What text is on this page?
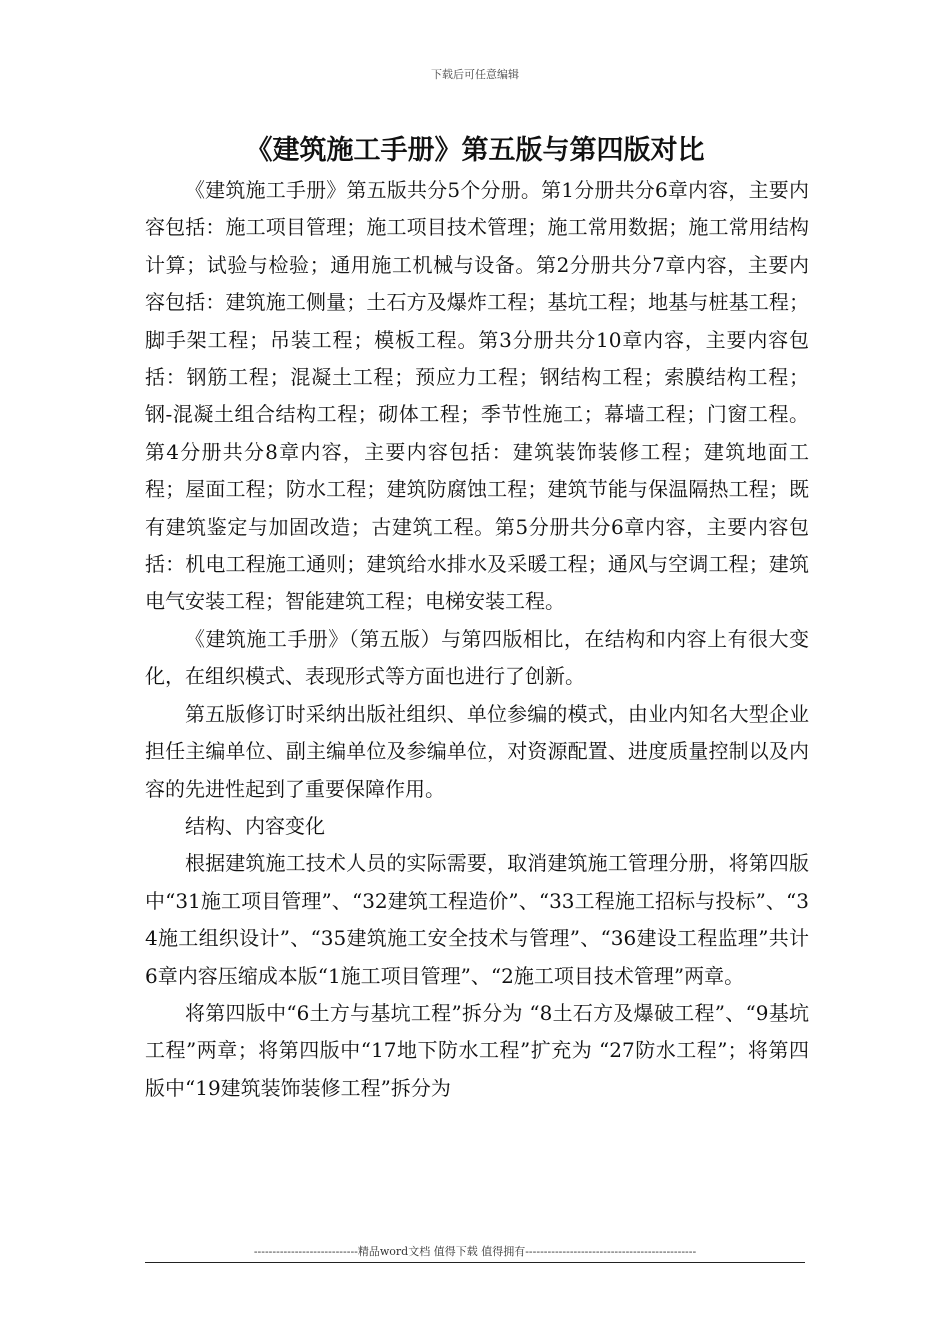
下载后可任意编辑
《建筑施工手册》第五版与第四版对比

《建筑施工手册》第五版共分5个分册。第1分册共分6章内容，主要内容包括：施工项目管理；施工项目技术管理；施工常用数据；施工常用结构计算；试验与检验；通用施工机械与设备。第2分册共分7章内容，主要内容包括：建筑施工侧量；土石方及爆炸工程；基坑工程；地基与桩基工程；脚手架工程；吊装工程；模板工程。第3分册共分10章内容，主要内容包括：钢筋工程；混凝土工程；预应力工程；钢结构工程；索膜结构工程；钢-混凝土组合结构工程；砌体工程；季节性施工；幕墙工程；门窗工程。第4分册共分8章内容，主要内容包括：建筑装饰装修工程；建筑地面工程；屋面工程；防水工程；建筑防腐蚀工程；建筑节能与保温隔热工程；既有建筑鉴定与加固改造；古建筑工程。第5分册共分6章内容，主要内容包括：机电工程施工通则；建筑给水排水及采暖工程；通风与空调工程；建筑电气安装工程；智能建筑工程；电梯安装工程。

《建筑施工手册》（第五版）与第四版相比，在结构和内容上有很大变化，在组织模式、表现形式等方面也进行了创新。

第五版修订时采纳出版社组织、单位参编的模式，由业内知名大型企业担任主编单位、副主编单位及参编单位，对资源配置、进度质量控制以及内容的先进性起到了重要保障作用。

结构、内容变化

根据建筑施工技术人员的实际需要，取消建筑施工管理分册，将第四版中“31施工项目管理”、“32建筑工程造价”、“33工程施工招标与投标”、“34施工组织设计”、“35建筑施工安全技术与管理”、“36建设工程监理”共计6章内容压缩成本版“1施工项目管理”、“2施工项目技术管理”两章。

将第四版中“6土方与基坑工程”拆分为 “8土石方及爆破工程”、“9基坑工程”两章；将第四版中“17地下防水工程”扩充为 “27防水工程”；将第四版中“19建筑装饰装修工程”拆分为

----------------------------精品word文档 值得下载 值得拥有----------------------------------------------
